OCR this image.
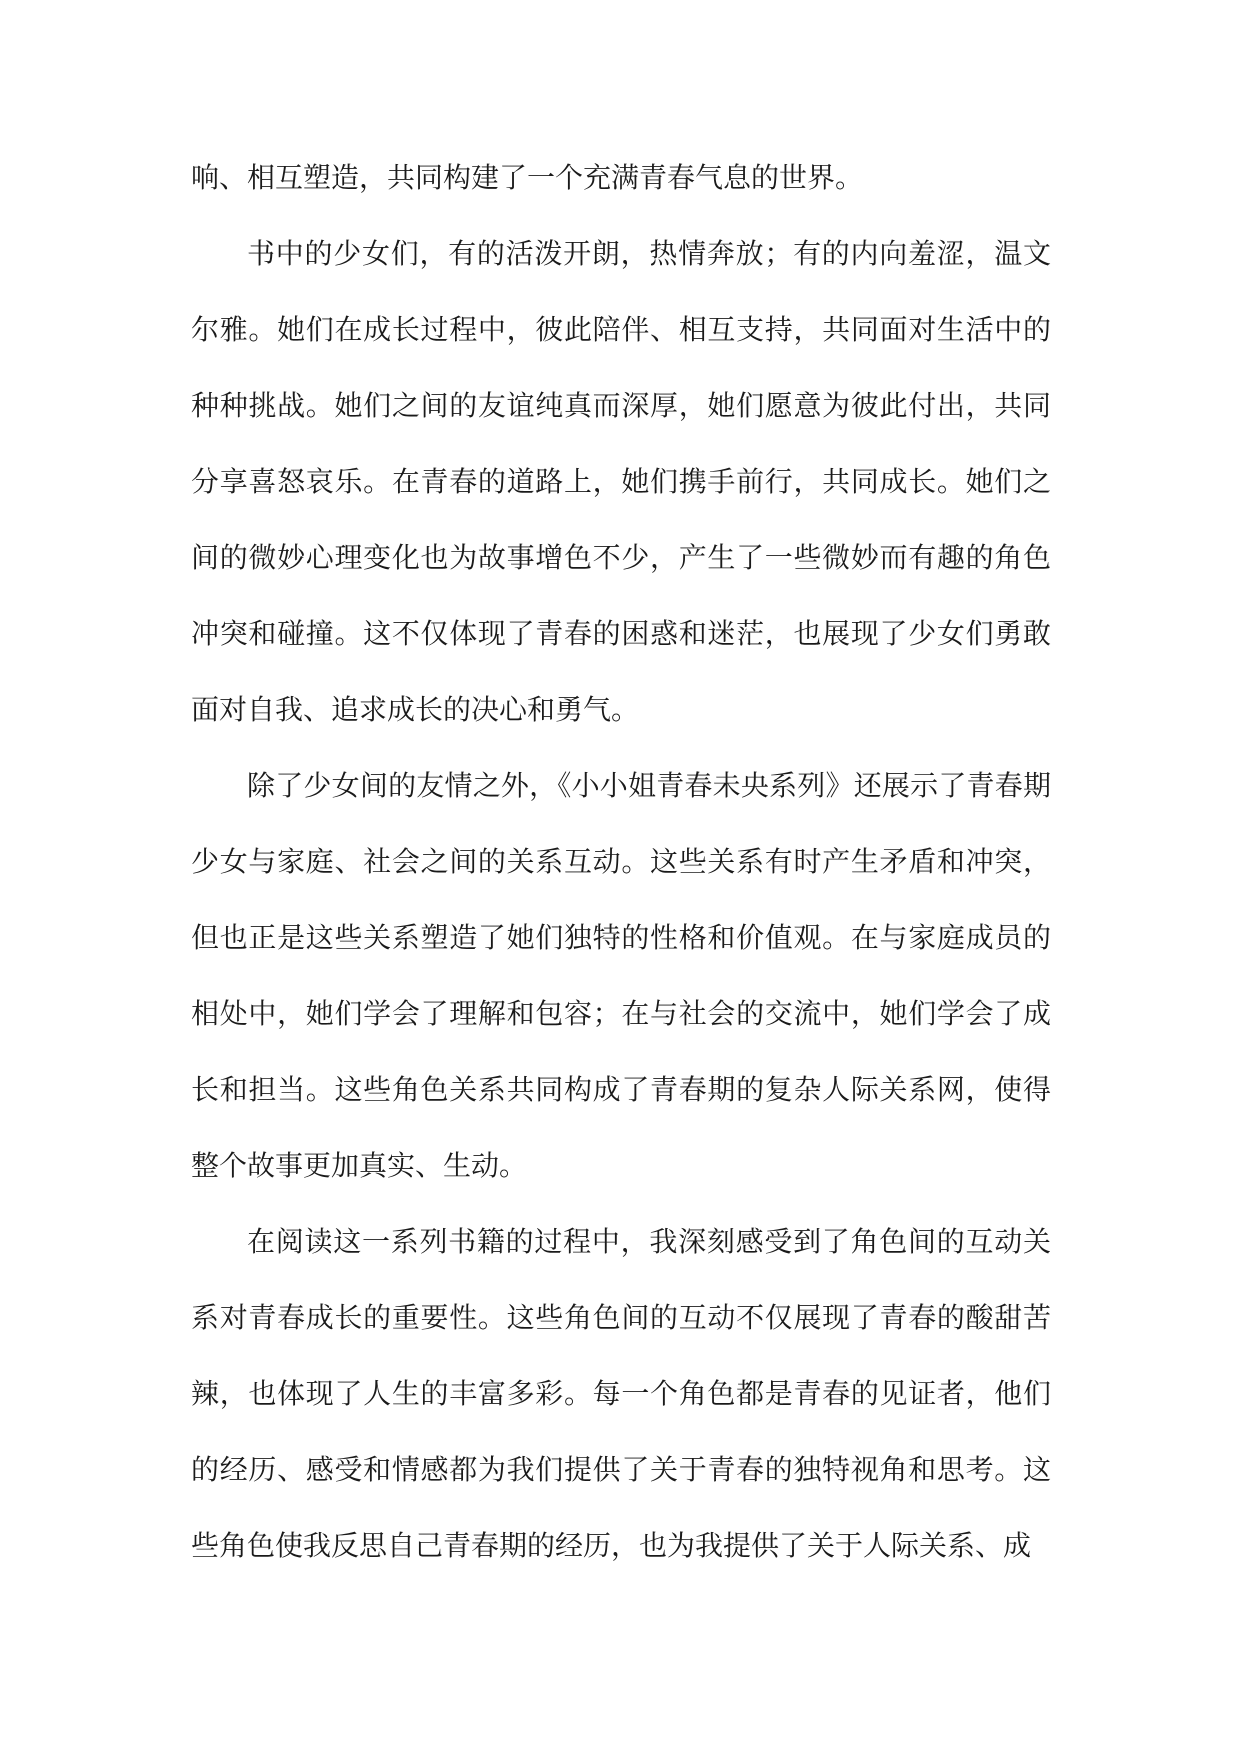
响、相互塑造，共同构建了一个充满青春气息的世界。

书中的少女们，有的活泼开朗，热情奔放；有的内向羞涩，温文尔雅。她们在成长过程中，彼此陪伴、相互支持，共同面对生活中的种种挑战。她们之间的友谊纯真而深厚，她们愿意为彼此付出，共同分享喜怒哀乐。在青春的道路上，她们携手前行，共同成长。她们之间的微妙心理变化也为故事增色不少，产生了一些微妙而有趣的角色冲突和碰撞。这不仅体现了青春的困惑和迷茫，也展现了少女们勇敢面对自我、追求成长的决心和勇气。

除了少女间的友情之外，《小小姐青春未央系列》还展示了青春期少女与家庭、社会之间的关系互动。这些关系有时产生矛盾和冲突，但也正是这些关系塑造了她们独特的性格和价值观。在与家庭成员的相处中，她们学会了理解和包容；在与社会的交流中，她们学会了成长和担当。这些角色关系共同构成了青春期的复杂人际关系网，使得整个故事更加真实、生动。

在阅读这一系列书籍的过程中，我深刻感受到了角色间的互动关系对青春成长的重要性。这些角色间的互动不仅展现了青春的酸甜苦辣，也体现了人生的丰富多彩。每一个角色都是青春的见证者，他们的经历、感受和情感都为我们提供了关于青春的独特视角和思考。这些角色使我反思自己青春期的经历，也为我提供了关于人际关系、成
